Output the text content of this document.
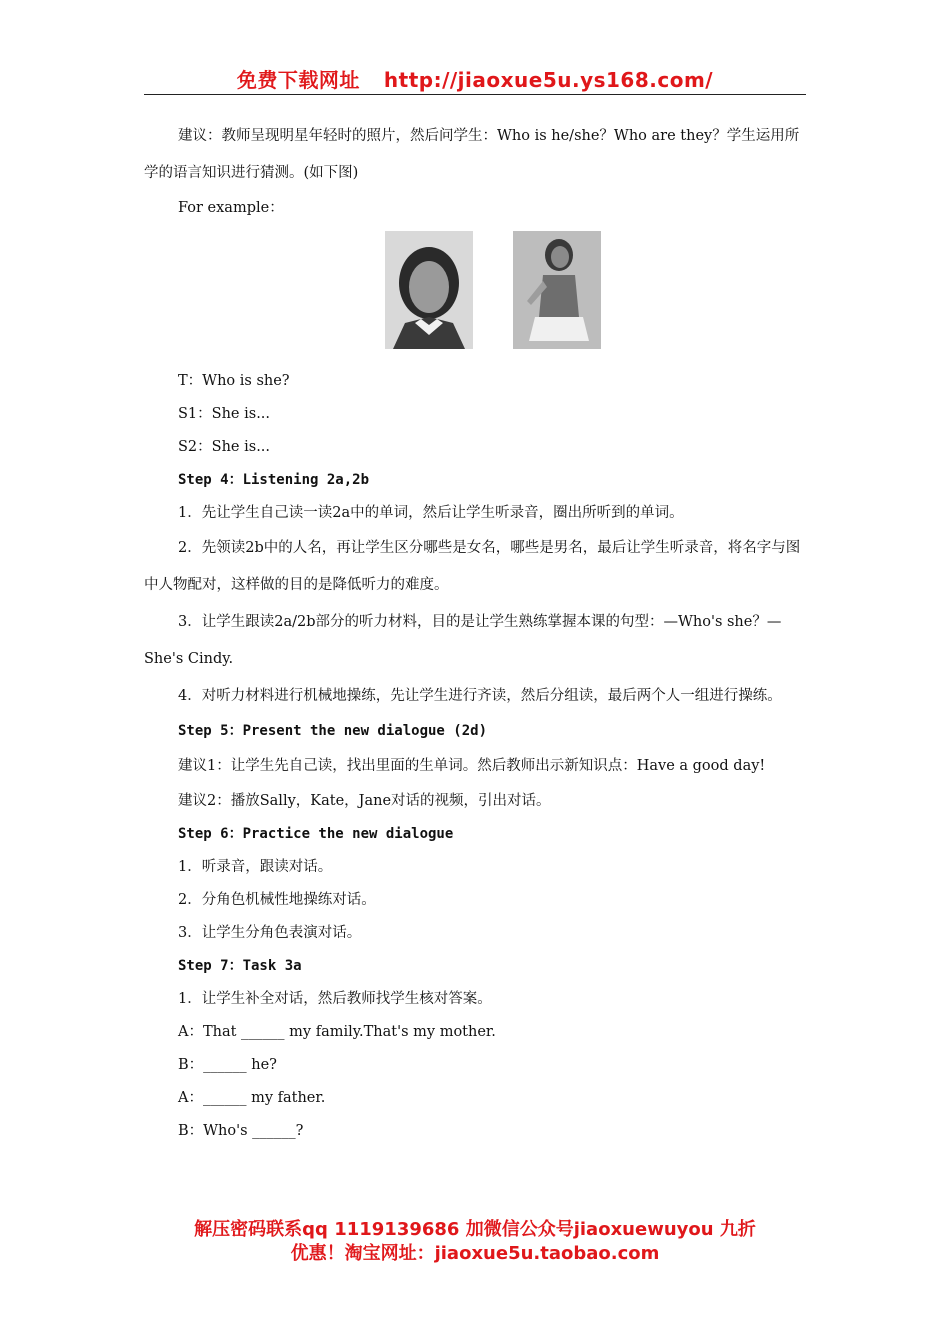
免费下载网址 http://jiaoxue5u.ys168.com/

建议：教师呈现明星年轻时的照片，然后问学生：Who is he/she？Who are they？学生运用所学的语言知识进行猜测。(如下图)

For example：

T：Who is she?

S1：She is...

S2：She is...

Step 4：Listening 2a,2b

1．先让学生自己读一读2a中的单词，然后让学生听录音，圈出所听到的单词。

2．先领读2b中的人名，再让学生区分哪些是女名，哪些是男名，最后让学生听录音，将名字与图中人物配对，这样做的目的是降低听力的难度。

3．让学生跟读2a/2b部分的听力材料，目的是让学生熟练掌握本课的句型：—Who's she？—She's Cindy.

4．对听力材料进行机械地操练，先让学生进行齐读，然后分组读，最后两个人一组进行操练。

Step 5：Present the new dialogue (2d)

建议1：让学生先自己读，找出里面的生单词。然后教师出示新知识点：Have a good day!

建议2：播放Sally，Kate，Jane对话的视频，引出对话。

Step 6：Practice the new dialogue

1．听录音，跟读对话。

2．分角色机械性地操练对话。

3．让学生分角色表演对话。

Step 7：Task 3a

1．让学生补全对话，然后教师找学生核对答案。

A：That ______ my family.That's my mother.

B：______ he?

A：______ my father.

B：Who's ______?

解压密码联系qq 1119139686 加微信公众号jiaoxuewuyou 九折
优惠！淘宝网址：jiaoxue5u.taobao.com
